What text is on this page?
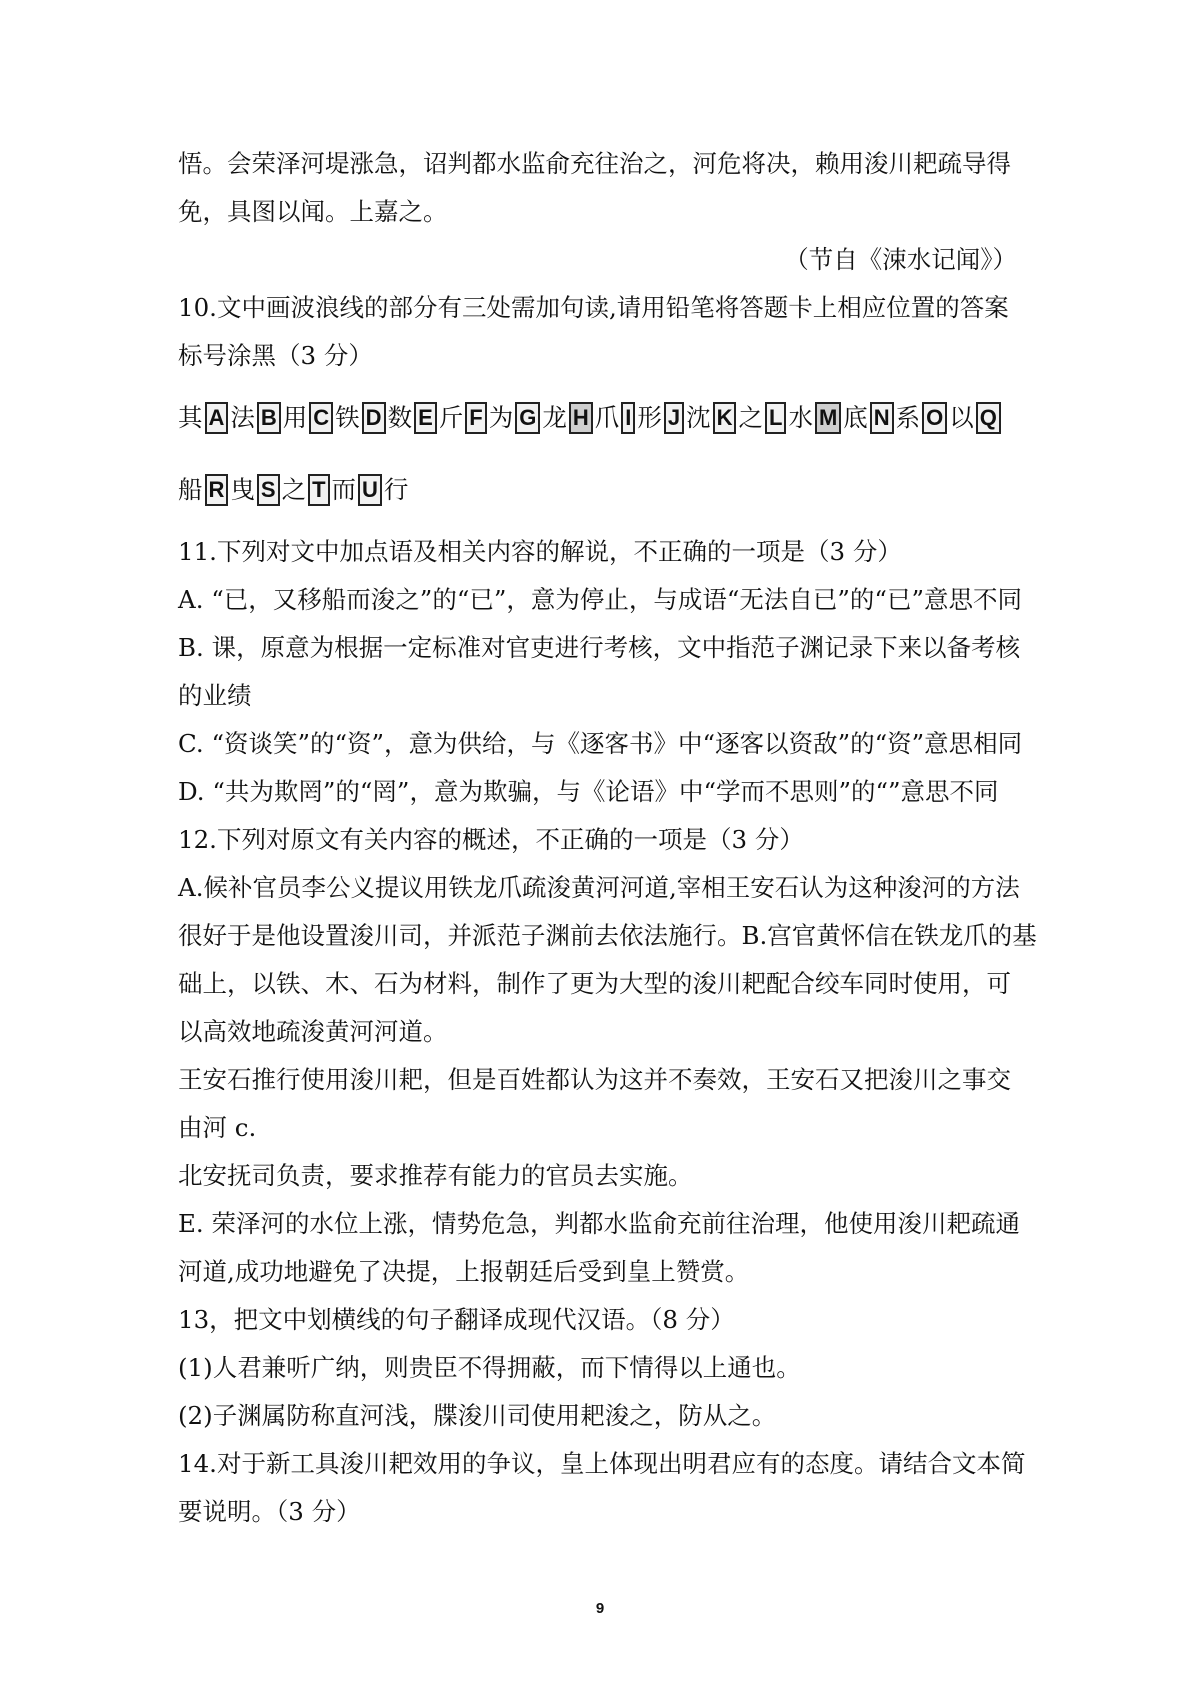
悟。会荣泽河堤涨急，诏判都水监俞充往治之，河危将决，赖用浚川耙疏导得

免，具图以闻。上嘉之。

（节自《涑水记闻》）

10.文中画波浪线的部分有三处需加句读,请用铅笔将答题卡上相应位置的答案

标号涂黑（3 分）

其 A 法 B 用 C 铁 D 数 E 斤 F 为 G 龙 H 爪 I 形 J 沈 K 之 L 水 M 底 N 系 O 以 Q
船 R 曳 S 之 T 而 U 行

11.下列对文中加点语及相关内容的解说，不正确的一项是（3 分）

A. “已，又移船而浚之”的“已”，意为停止，与成语“无法自已”的“已”意思不同

B. 课，原意为根据一定标准对官吏进行考核，文中指范子渊记录下来以备考核

的业绩

C. “资谈笑”的“资”，意为供给，与《逐客书》中“逐客以资敌”的“资”意思相同

D. “共为欺罔”的“罔”，意为欺骗，与《论语》中“学而不思则”的“”意思不同

12.下列对原文有关内容的概述，不正确的一项是（3 分）

A.候补官员李公义提议用铁龙爪疏浚黄河河道,宰相王安石认为这种浚河的方法

很好于是他设置浚川司，并派范子渊前去依法施行。B.宫官黄怀信在铁龙爪的基

础上，以铁、木、石为材料，制作了更为大型的浚川耙配合绞车同时使用，可

以高效地疏浚黄河河道。

王安石推行使用浚川耙，但是百姓都认为这并不奏效，王安石又把浚川之事交

由河 c.

北安抚司负责，要求推荐有能力的官员去实施。

E. 荣泽河的水位上涨，情势危急，判都水监俞充前往治理，他使用浚川耙疏通

河道,成功地避免了决提，上报朝廷后受到皇上赞赏。

13，把文中划横线的句子翻译成现代汉语。（8 分）

(1)人君兼听广纳，则贵臣不得拥蔽，而下情得以上通也。

(2)子渊属防称直河浅，牒浚川司使用耙浚之，防从之。

14.对于新工具浚川耙效用的争议，皇上体现出明君应有的态度。请结合文本简

要说明。（3 分）

9
